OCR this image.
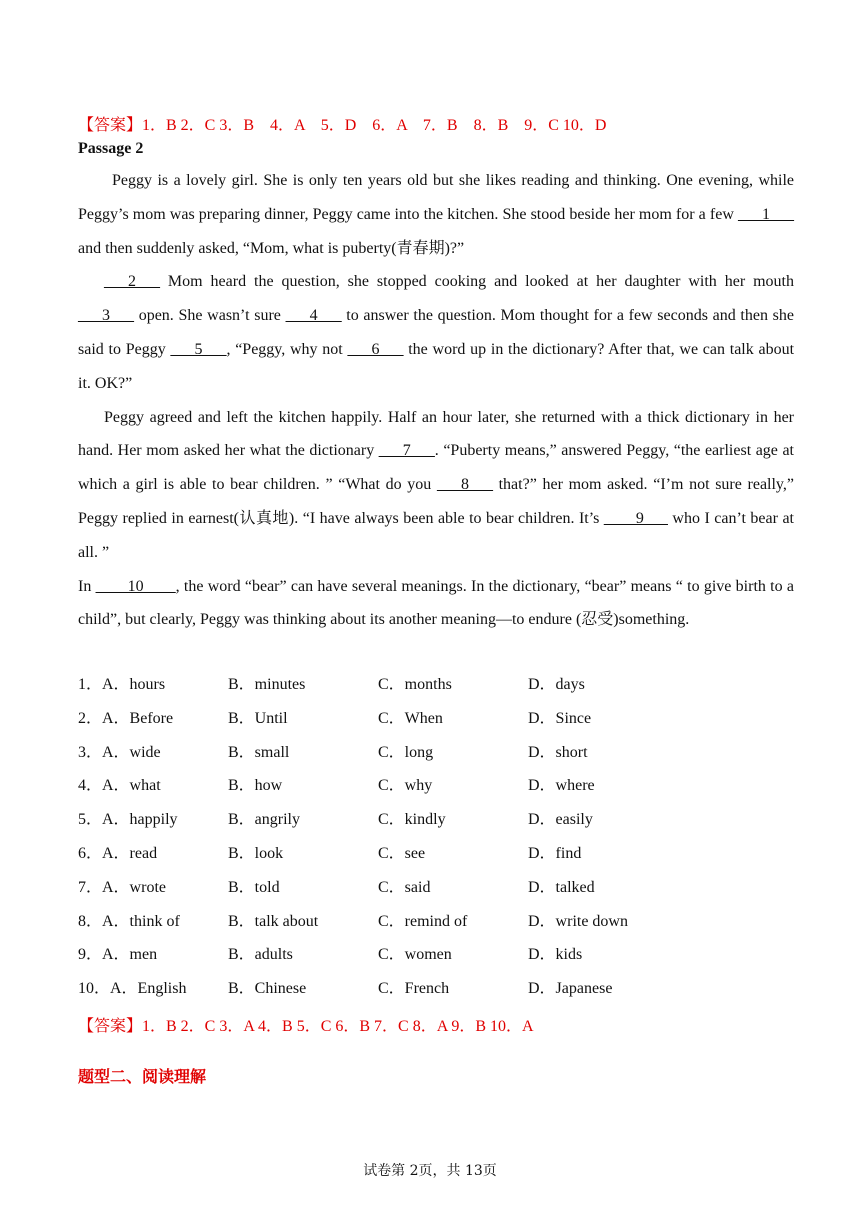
【答案】1．B 2．C 3．B　4．A　5．D　6．A　7．B　8．B　9．C 10．D
Passage 2

Peggy is a lovely girl. She is only ten years old but she likes reading and thinking. One evening, while Peggy’s mom was preparing dinner, Peggy came into the kitchen. She stood beside her mom for a few ___1___ and then suddenly asked, “Mom, what is puberty(青春期)?”

___2___ Mom heard the question, she stopped cooking and looked at her daughter with her mouth ___3___ open. She wasn’t sure ___4___ to answer the question. Mom thought for a few seconds and then she said to Peggy ___5___, “Peggy, why not ___6___ the word up in the dictionary? After that, we can talk about it. OK?”

Peggy agreed and left the kitchen happily. Half an hour later, she returned with a thick dictionary in her hand. Her mom asked her what the dictionary ___7___. “Puberty means,” answered Peggy, “the earliest age at which a girl is able to bear children. ” “What do you ___8___ that?” her mom asked. “I’m not sure really,” Peggy replied in earnest(认真地). “I have always been able to bear children. It’s ____9___ who I can’t bear at all. ”

In ____10____, the word “bear” can have several meanings. In the dictionary, “bear” means “ to give birth to a child”, but clearly, Peggy was thinking about its another meaning—to endure (忍受)something.

1．A．hours	B．minutes	C．months	D．days
2．A．Before	B．Until	C．When	D．Since
3．A．wide	B．small	C．long	D．short
4．A．what	B．how	C．why	D．where
5．A．happily	B．angrily	C．kindly	D．easily
6．A．read	B．look	C．see	D．find
7．A．wrote	B．told	C．said	D．talked
8．A．think of	B．talk about	C．remind of	D．write down
9．A．men	B．adults	C．women	D．kids
10．A．English	B．Chinese	C．French	D．Japanese
【答案】1．B 2．C 3．A 4．B 5．C 6．B 7．C 8．A 9．B 10．A
题型二、阅读理解
试卷第 2页，共 13页
